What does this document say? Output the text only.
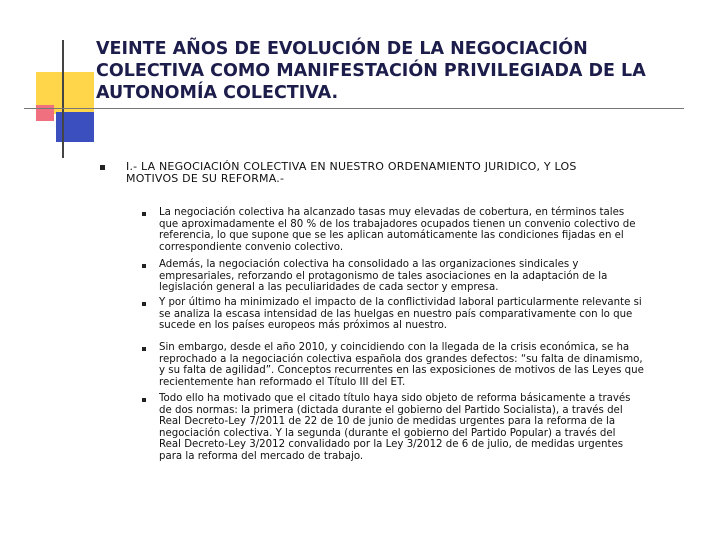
VEINTE AÑOS DE EVOLUCIÓN DE LA NEGOCIACIÓN
COLECTIVA COMO MANIFESTACIÓN PRIVILEGIADA DE LA
AUTONOMÍA COLECTIVA.
I.- LA NEGOCIACIÓN COLECTIVA EN NUESTRO ORDENAMIENTO JURIDICO, Y LOS
MOTIVOS DE SU REFORMA.-
La negociación colectiva ha alcanzado tasas muy elevadas de cobertura, en términos tales
que aproximadamente el 80 % de los trabajadores ocupados tienen un convenio colectivo de
referencia, lo que supone que se les aplican automáticamente las condiciones fijadas en el
correspondiente convenio colectivo.
Además, la negociación colectiva ha consolidado a las organizaciones sindicales y
empresariales, reforzando el protagonismo de tales asociaciones en la adaptación de la
legislación general a las peculiaridades de cada sector y empresa.
Y por último ha minimizado el impacto de la conflictividad laboral particularmente relevante si
se analiza la escasa intensidad de las huelgas en nuestro país comparativamente con lo que
sucede en los países europeos más próximos al nuestro.
Sin embargo, desde el año 2010, y coincidiendo con la llegada de la crisis económica, se ha
reprochado a la negociación colectiva española dos grandes defectos: “su falta de dinamismo,
y su falta de agilidad”. Conceptos recurrentes en las exposiciones de motivos de las Leyes que
recientemente han reformado el Título III del ET.
Todo ello ha motivado que el citado título haya sido objeto de reforma básicamente a través
de dos normas: la primera (dictada durante el gobierno del Partido Socialista), a través del
Real Decreto-Ley 7/2011 de 22 de 10 de junio de medidas urgentes para la reforma de la
negociación colectiva. Y la segunda (durante el gobierno del Partido Popular) a través del
Real Decreto-Ley 3/2012 convalidado por la Ley 3/2012 de 6 de julio, de medidas urgentes
para la reforma del mercado de trabajo.
